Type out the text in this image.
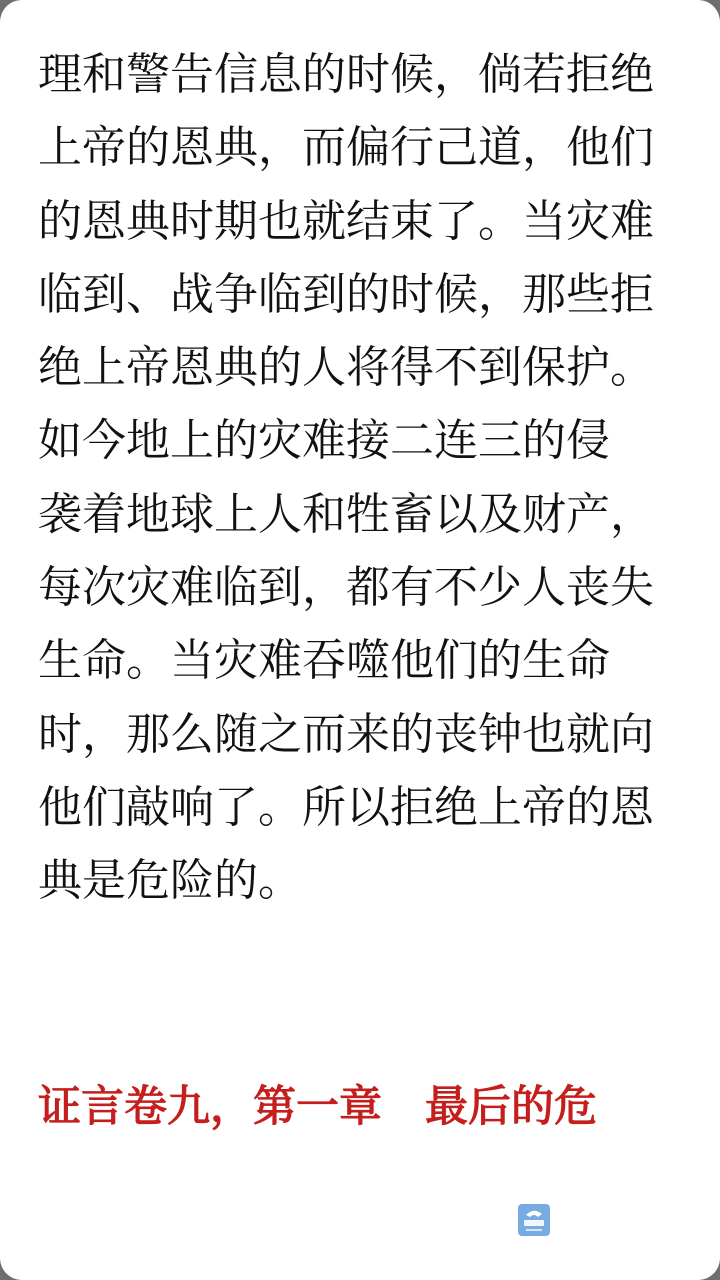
理和警告信息的时候，倘若拒绝
上帝的恩典，而偏行己道，他们
的恩典时期也就结束了。当灾难
临到、战争临到的时候，那些拒
绝上帝恩典的人将得不到保护。
如今地上的灾难接二连三的侵
袭着地球上人和牲畜以及财产，
每次灾难临到，都有不少人丧失
生命。当灾难吞噬他们的生命
时，那么随之而来的丧钟也就向
他们敲响了。所以拒绝上帝的恩
典是危险的。
证言卷九，第一章　最后的危
